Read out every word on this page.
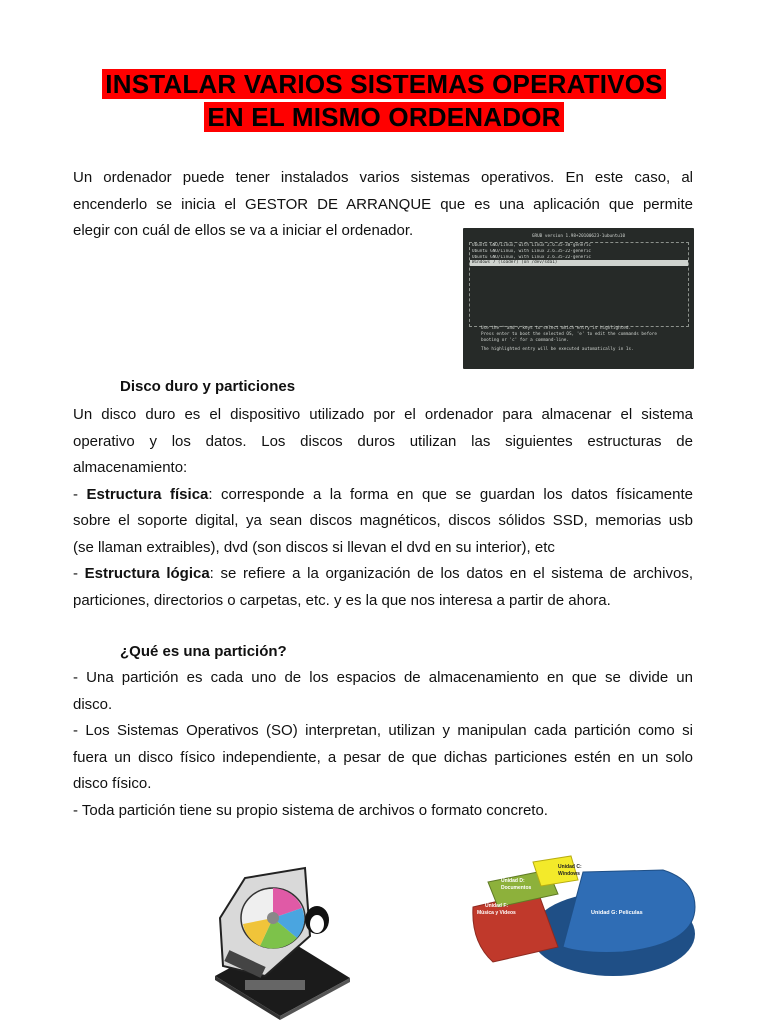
INSTALAR VARIOS SISTEMAS OPERATIVOS
EN EL MISMO ORDENADOR
Un ordenador puede tener instalados varios sistemas operativos. En este caso, al
encenderlo se inicia el GESTOR DE ARRANQUE que es una aplicación que permite
elegir con cuál de ellos se va a iniciar el ordenador.	GRUB version 1.98+20100623-1ubuntu10
Ubuntu GNU/Linux, with Linux 2.6.35-30-generic
Ubuntu GNU/Linux, with Linux 2.6.35-22-generic
Ubuntu GNU/Linux, with Linux 2.6.35-22-generic
Windows 7 (loader) (on /dev/sda1)
Use the ^ and v keys to select which entry is highlighted.
Press enter to boot the selected OS, 'e' to edit the commands before
booting or 'c' for a command-line.
The highlighted entry will be executed automatically in 1s.
Disco duro y particiones
Un disco duro es el dispositivo utilizado por el ordenador para almacenar el sistema
operativo y los datos. Los discos duros utilizan las siguientes estructuras de
almacenamiento:
- Estructura física: corresponde a la forma en que se guardan los datos físicamente
sobre el soporte digital, ya sean discos magnéticos, discos sólidos SSD, memorias usb
(se llaman extraibles), dvd (son discos si llevan el dvd en su interior), etc
- Estructura lógica: se refiere a la organización de los datos en el sistema de archivos,
particiones, directorios o carpetas, etc. y es la que nos interesa a partir de ahora.
¿Qué es una partición?
- Una partición es cada uno de los espacios de almacenamiento en que se divide un
disco.
- Los Sistemas Operativos (SO) interpretan, utilizan y manipulan cada partición como si
fuera un disco físico independiente, a pesar de que dichas particiones estén en un solo
disco físico.
- Toda partición tiene su propio sistema de archivos o formato concreto.
Unidad C:
Windows
Unidad D:
Documentos
Unidad F:
Música y Videos	Unidad G: Peliculas
